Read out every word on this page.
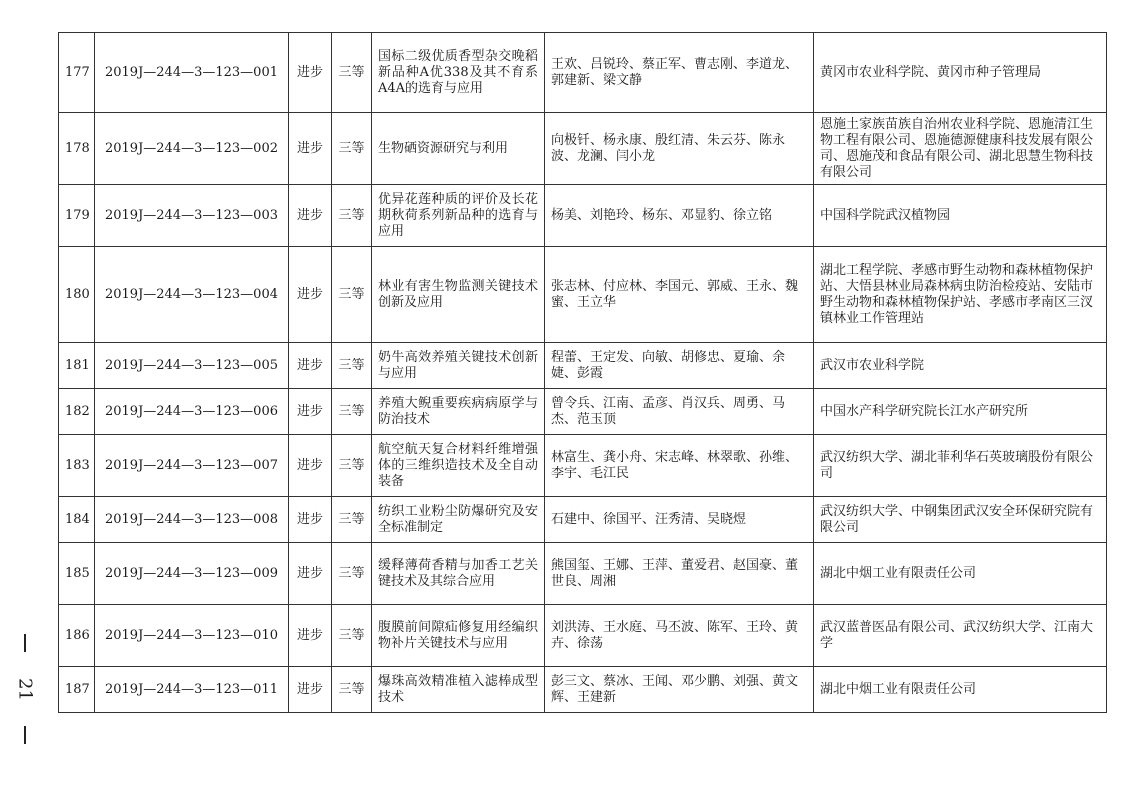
177	2019J—244—3—123—001	进步	三等	国标二级优质香型杂交晚稻新品种A优338及其不育系A4A的选育与应用	王欢、吕锐玲、蔡正军、曹志刚、李道龙、郭建新、梁文静	黄冈市农业科学院、黄冈市种子管理局
178	2019J—244—3—123—002	进步	三等	生物硒资源研究与利用	向极钎、杨永康、殷红清、朱云芬、陈永波、龙澜、闫小龙	恩施土家族苗族自治州农业科学院、恩施清江生物工程有限公司、恩施德源健康科技发展有限公司、恩施茂和食品有限公司、湖北思慧生物科技有限公司
179	2019J—244—3—123—003	进步	三等	优异花莲种质的评价及长花期秋荷系列新品种的选育与应用	杨美、刘艳玲、杨东、邓显豹、徐立铭	中国科学院武汉植物园
180	2019J—244—3—123—004	进步	三等	林业有害生物监测关键技术创新及应用	张志林、付应林、李国元、郭威、王永、魏蜜、王立华	湖北工程学院、孝感市野生动物和森林植物保护站、大悟县林业局森林病虫防治检疫站、安陆市野生动物和森林植物保护站、孝感市孝南区三汊镇林业工作管理站
181	2019J—244—3—123—005	进步	三等	奶牛高效养殖关键技术创新与应用	程蕾、王定发、向敏、胡修忠、夏瑜、余婕、彭霞	武汉市农业科学院
182	2019J—244—3—123—006	进步	三等	养殖大鲵重要疾病病原学与防治技术	曾令兵、江南、孟彦、肖汉兵、周勇、马杰、范玉顶	中国水产科学研究院长江水产研究所
183	2019J—244—3—123—007	进步	三等	航空航天复合材料纤维增强体的三维织造技术及全自动装备	林富生、龚小舟、宋志峰、林翠歌、孙维、李宇、毛江民	武汉纺织大学、湖北菲利华石英玻璃股份有限公司
184	2019J—244—3—123—008	进步	三等	纺织工业粉尘防爆研究及安全标准制定	石建中、徐国平、汪秀清、吴晓煜	武汉纺织大学、中钢集团武汉安全环保研究院有限公司
185	2019J—244—3—123—009	进步	三等	缓释薄荷香精与加香工艺关键技术及其综合应用	熊国玺、王娜、王萍、董爱君、赵国豪、董世良、周湘	湖北中烟工业有限责任公司
186	2019J—244—3—123—010	进步	三等	腹膜前间隙疝修复用经编织物补片关键技术与应用	刘洪涛、王水庭、马丕波、陈军、王玲、黄卉、徐荡	武汉蓝普医品有限公司、武汉纺织大学、江南大学
187	2019J—244—3—123—011	进步	三等	爆珠高效精准植入滤棒成型技术	彭三文、蔡冰、王闻、邓少鹏、刘强、黄文辉、王建新	湖北中烟工业有限责任公司
21
